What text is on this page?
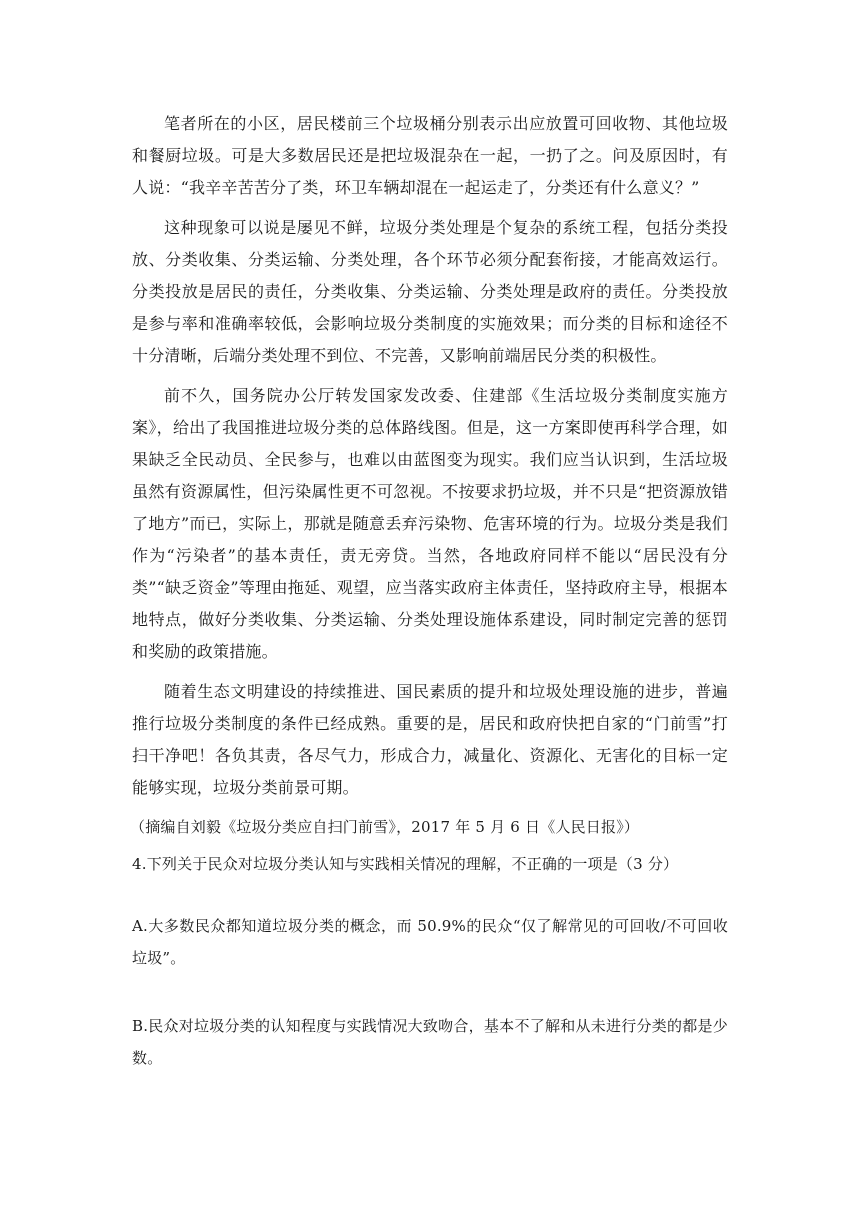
笔者所在的小区，居民楼前三个垃圾桶分别表示出应放置可回收物、其他垃圾和餐厨垃圾。可是大多数居民还是把垃圾混杂在一起，一扔了之。问及原因时，有人说：“我辛辛苦苦分了类，环卫车辆却混在一起运走了，分类还有什么意义？”

这种现象可以说是屡见不鲜，垃圾分类处理是个复杂的系统工程，包括分类投放、分类收集、分类运输、分类处理，各个环节必须分配套衔接，才能高效运行。分类投放是居民的责任，分类收集、分类运输、分类处理是政府的责任。分类投放是参与率和准确率较低，会影响垃圾分类制度的实施效果；而分类的目标和途径不十分清晰，后端分类处理不到位、不完善，又影响前端居民分类的积极性。

前不久，国务院办公厅转发国家发改委、住建部《生活垃圾分类制度实施方案》，给出了我国推进垃圾分类的总体路线图。但是，这一方案即使再科学合理，如果缺乏全民动员、全民参与，也难以由蓝图变为现实。我们应当认识到，生活垃圾虽然有资源属性，但污染属性更不可忽视。不按要求扔垃圾，并不只是“把资源放错了地方”而已，实际上，那就是随意丢弃污染物、危害环境的行为。垃圾分类是我们作为“污染者”的基本责任，责无旁贷。当然，各地政府同样不能以“居民没有分类”“缺乏资金”等理由拖延、观望，应当落实政府主体责任，坚持政府主导，根据本地特点，做好分类收集、分类运输、分类处理设施体系建设，同时制定完善的惩罚和奖励的政策措施。

随着生态文明建设的持续推进、国民素质的提升和垃圾处理设施的进步，普遍推行垃圾分类制度的条件已经成熟。重要的是，居民和政府快把自家的“门前雪”打扫干净吧！各负其责，各尽气力，形成合力，减量化、资源化、无害化的目标一定能够实现，垃圾分类前景可期。

（摘编自刘毅《垃圾分类应自扫门前雪》，2017 年 5 月 6 日《人民日报》）

4.下列关于民众对垃圾分类认知与实践相关情况的理解，不正确的一项是（3 分）

A.大多数民众都知道垃圾分类的概念，而 50.9%的民众“仅了解常见的可回收/不可回收垃圾”。

B.民众对垃圾分类的认知程度与实践情况大致吻合，基本不了解和从未进行分类的都是少数。
